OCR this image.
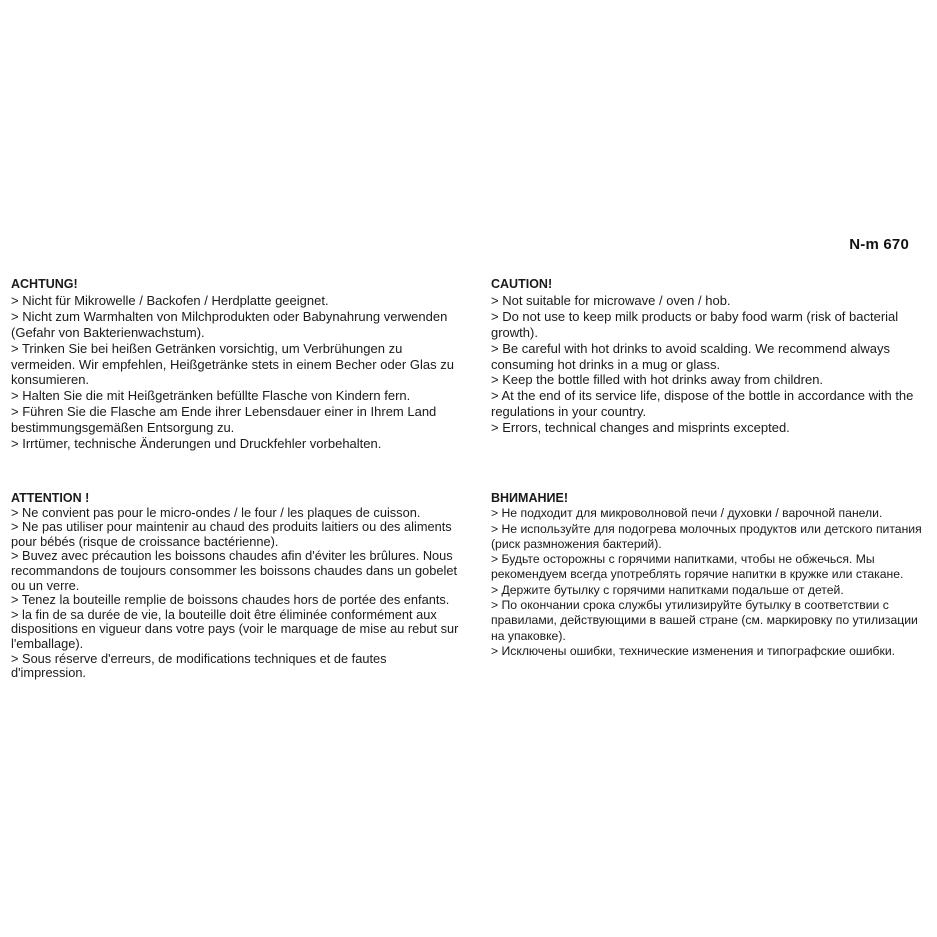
N-m 670
ACHTUNG!
> Nicht für Mikrowelle / Backofen / Herdplatte geeignet.
> Nicht zum Warmhalten von Milchprodukten oder Babynahrung verwenden (Gefahr von Bakterienwachstum).
> Trinken Sie bei heißen Getränken vorsichtig, um Verbrühungen zu vermeiden. Wir empfehlen, Heißgetränke stets in einem Becher oder Glas zu konsumieren.
> Halten Sie die mit Heißgetränken befüllte Flasche von Kindern fern.
> Führen Sie die Flasche am Ende ihrer Lebensdauer einer in Ihrem Land bestimmungsgemäßen Entsorgung zu.
> Irrtümer, technische Änderungen und Druckfehler vorbehalten.
CAUTION!
> Not suitable for microwave / oven / hob.
> Do not use to keep milk products or baby food warm (risk of bacterial growth).
> Be careful with hot drinks to avoid scalding. We recommend always consuming hot drinks in a mug or glass.
> Keep the bottle filled with hot drinks away from children.
> At the end of its service life, dispose of the bottle in accordance with the regulations in your country.
> Errors, technical changes and misprints excepted.
ATTENTION !
> Ne convient pas pour le micro-ondes / le four / les plaques de cuisson.
> Ne pas utiliser pour maintenir au chaud des produits laitiers ou des aliments pour bébés (risque de croissance bactérienne).
> Buvez avec précaution les boissons chaudes afin d'éviter les brûlures. Nous recommandons de toujours consommer les boissons chaudes dans un gobelet ou un verre.
> Tenez la bouteille remplie de boissons chaudes hors de portée des enfants.
> la fin de sa durée de vie, la bouteille doit être éliminée conformément aux dispositions en vigueur dans votre pays (voir le marquage de mise au rebut sur l'emballage).
> Sous réserve d'erreurs, de modifications techniques et de fautes d'impression.
ВНИМАНИЕ!
> Не подходит для микроволновой печи / духовки / варочной панели.
> Не используйте для подогрева молочных продуктов или детского питания (риск размножения бактерий).
> Будьте осторожны с горячими напитками, чтобы не обжечься. Мы рекомендуем всегда употреблять горячие напитки в кружке или стакане.
> Держите бутылку с горячими напитками подальше от детей.
> По окончании срока службы утилизируйте бутылку в соответствии с правилами, действующими в вашей стране (см. маркировку по утилизации на упаковке).
> Исключены ошибки, технические изменения и типографские ошибки.
